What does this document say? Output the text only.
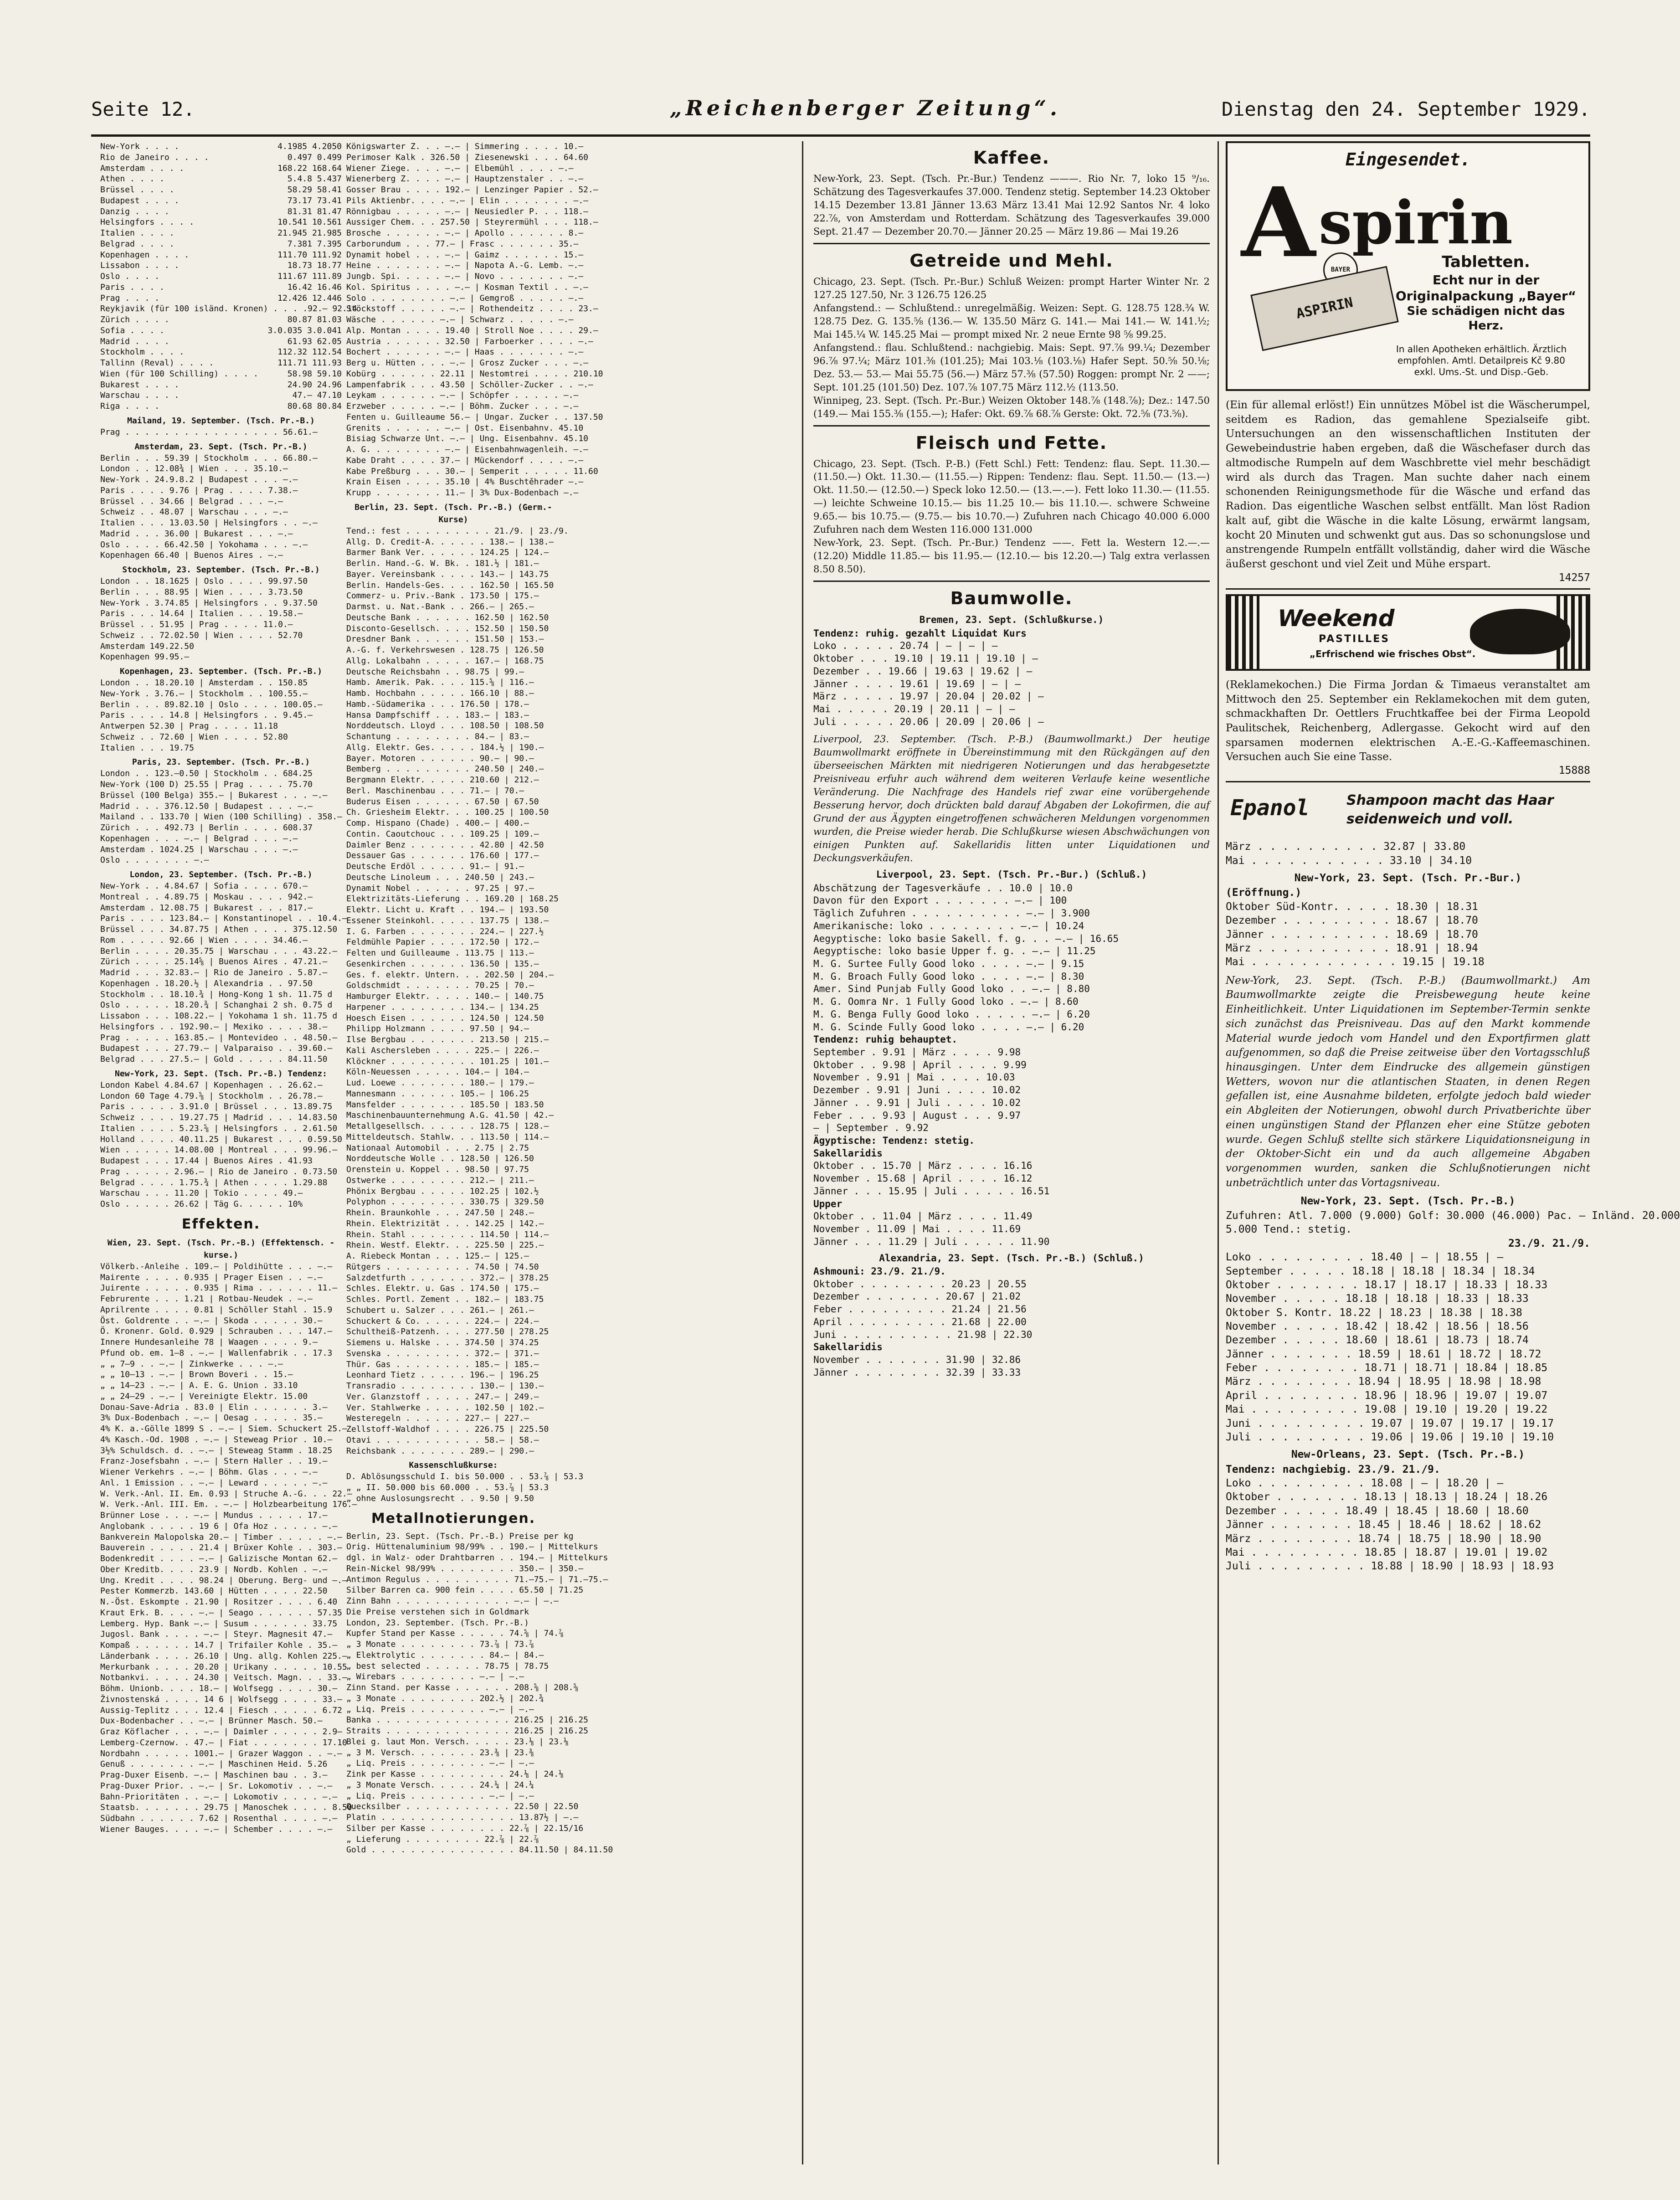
Seite 12.	„Reichenberger Zeitung“.	Dienstag den 24. September 1929.
New-York . . . .	4.1985 4.2050
Rio de Janeiro . . . .	0.497 0.499
Amsterdam . . . .	168.22 168.64
Athen . . . .	5.4.8 5.437
Brüssel . . . .	58.29 58.41
Budapest . . . .	73.17 73.41
Danzig . . . .	81.31 81.47
Helsingfors . . . .	10.541 10.561
Italien . . . .	21.945 21.985
Belgrad . . . .	7.381 7.395
Kopenhagen . . . .	111.70 111.92
Lissabon . . . .	18.73 18.77
Oslo . . . .	111.67 111.89
Paris . . . .	16.42 16.46
Prag . . . .	12.426 12.446
Reykjavik (für 100 isländ. Kronen) . . . . 92.— 92.14
Zürich . . . .	80.87 81.03
Sofia . . . .	3.0.035 3.0.041
Madrid . . . .	61.93 62.05
Stockholm . . . .	112.32 112.54
Tallinn (Reval) . . . .	111.71 111.93
Wien (für 100 Schilling) . . . .	58.98 59.10
Bukarest . . . .	24.90 24.96
Warschau . . . .	47.— 47.10
Riga . . . .	80.68 80.84
Mailand, 19. September. (Tsch. Pr.-B.)
Prag . . . . . . . . . . . . . . . . 56.61.—
Amsterdam, 23. Sept. (Tsch. Pr.-B.)
Berlin . . . 59.39 | Stockholm . . . 66.80.—
London . . 12.08¾ | Wien . . . 35.10.—
New-York . 24.9.8.2 | Budapest . . . —.—
Paris . . . . 9.76 | Prag . . . . 7.38.—
Brüssel . . 34.66 | Belgrad . . . —.—
Schweiz . . 48.07 | Warschau . . . —.—
Italien . . . 13.03.50 | Helsingfors . . —.—
Madrid . . . 36.00 | Bukarest . . . —.—
Oslo . . . . 66.42.50 | Yokohama . . . —.—
Kopenhagen 66.40 | Buenos Aires . —.—
Stockholm, 23. September. (Tsch. Pr.-B.)
London . . 18.1625 | Oslo . . . . 99.97.50
Berlin . . . 88.95 | Wien . . . . 3.73.50
New-York . 3.74.85 | Helsingfors . . 9.37.50
Paris . . . 14.64 | Italien . . . 19.58.—
Brüssel . . 51.95 | Prag . . . . 11.0.—
Schweiz . . 72.02.50 | Wien . . . . 52.70
Amsterdam 149.22.50
Kopenhagen 99.95.—
Kopenhagen, 23. September. (Tsch. Pr.-B.)
London . . 18.20.10 | Amsterdam . . 150.85
New-York . 3.76.— | Stockholm . . 100.55.—
Berlin . . . 89.82.10 | Oslo . . . . 100.05.—
Paris . . . . 14.8 | Helsingfors . . 9.45.—
Antwerpen 52.30 | Prag . . . . 11.18
Schweiz . . 72.60 | Wien . . . . 52.80
Italien . . . 19.75
Paris, 23. September. (Tsch. Pr.-B.)
London . . 123.—0.50 | Stockholm . . 684.25
New-York (100 D) 25.55 | Prag . . . . 75.70
Brüssel (100 Belga) 355.— | Bukarest . . . —.—
Madrid . . . 376.12.50 | Budapest . . . —.—
Mailand . . 133.70 | Wien (100 Schilling) . 358.—
Zürich . . . 492.73 | Berlin . . . . 608.37
Kopenhagen . . . —.— | Belgrad . . . —.—
Amsterdam . 1024.25 | Warschau . . . —.—
Oslo . . . . . . . —.—
London, 23. September. (Tsch. Pr.-B.)
New-York . . 4.84.67 | Sofia . . . . 670.—
Montreal . . 4.89.75 | Moskau . . . . 942.—
Amsterdam . 12.08.75 | Bukarest . . . 817.—
Paris . . . . 123.84.— | Konstantinopel . . 10.4.—
Brüssel . . . 34.87.75 | Athen . . . . 375.12.50
Rom . . . . . 92.66 | Wien . . . . 34.46.—
Berlin . . . . 20.35.75 | Warschau . . . 43.22.—
Zürich . . . . 25.14⅝ | Buenos Aires . 47.21.—
Madrid . . . 32.83.— | Rio de Janeiro . 5.87.—
Kopenhagen . 18.20.½ | Alexandria . . 97.50
Stockholm . . 18.10.¾ | Hong-Kong 1 sh. 11.75 d
Oslo . . . . . 18.20.¾ | Schanghai 2 sh. 0.75 d
Lissabon . . . 108.22.— | Yokohama 1 sh. 11.75 d
Helsingfors . . 192.90.— | Mexiko . . . . 38.—
Prag . . . . . 163.85.— | Montevideo . . 48.50.—
Budapest . . . 27.79.— | Valparaiso . . 39.60.—
Belgrad . . . 27.5.— | Gold . . . . . 84.11.50
New-York, 23. Sept. (Tsch. Pr.-B.) Tendenz:
London Kabel 4.84.67 | Kopenhagen . . 26.62.—
London 60 Tage 4.79.⅝ | Stockholm . . 26.78.—
Paris . . . . . 3.91.0 | Brüssel . . . 13.89.75
Schweiz . . . . 19.27.75 | Madrid . . . 14.83.50
Italien . . . . 5.23.⅝ | Helsingfors . . 2.61.50
Holland . . . . 40.11.25 | Bukarest . . . 0.59.50
Wien . . . . . 14.08.00 | Montreal . . . 99.96.—
Budapest . . . 17.44 | Buenos Aires . 41.93
Prag . . . . . 2.96.— | Rio de Janeiro . 0.73.50
Belgrad . . . . 1.75.¾ | Athen . . . . 1.29.88
Warschau . . . 11.20 | Tokio . . . . 49.—
Oslo . . . . . 26.62 | Täg G. . . . . 10%
Effekten.
Wien, 23. Sept. (Tsch. Pr.-B.) (Effektensch. - kurse.)
Völkerb.-Anleihe . 109.— | Poldihütte . . . —.—
Mairente . . . . 0.935 | Prager Eisen . . —.—
Juirente . . . . . 0.935 | Rima . . . . . . 11.—
Februrente . . . 1.21 | Rotbau-Neudek . —.—
Aprilrente . . . . 0.81 | Schöller Stahl . 15.9
Öst. Goldrente . . —.— | Skoda . . . . . 30.—
Ö. Kronenr. Gold. 0.929 | Schrauben . . . 147.—
Innere Hundesanleihe 78 | Waagen . . . . 9.—
Pfund ob. em. 1—8 . —.— | Wallenfabrik . . 17.3
„ „ 7—9 . . —.— | Zinkwerke . . . —.—
„ „ 10—13 . —.— | Brown Boveri . . 15.—
„ „ 14—23 . —.— | A. E. G. Union . 33.10
„ „ 24—29 . —.— | Vereinigte Elektr. 15.00
Donau-Save-Adria . 83.0 | Elin . . . . . . 3.—
3% Dux-Bodenbach . —.— | Oesag . . . . . 35.—
4% K. a.-Gölle 1899 S . —.— | Siem. Schuckert 25.—
4% Kasch.-Od. 1908 . —.— | Steweag Prior . 10.—
3½% Schuldsch. d. . —.— | Steweag Stamm . 18.25
Franz-Josefsbahn . —.— | Stern Haller . . 19.—
Wiener Verkehrs . —.— | Böhm. Glas . . . —.—
Anl. 1 Emission . . —.— | Leward . . . . . —.—
W. Verk.-Anl. II. Em. 0.93 | Struche A.-G. . . 22.—
W. Verk.-Anl. III. Em. . —.— | Holzbearbeitung 176.—
Brünner Lose . . . —.— | Mundus . . . . . 17.—
Anglobank . . . . . 19 6 | Ofa Hoz . . . . . —.—
Bankverein Malopolska 20.— | Timber . . . . . —.—
Bauverein . . . . . 21.4 | Brüxer Kohle . . 303.—
Bodenkredit . . . . —.— | Galizische Montan 62.—
Ober Kreditb. . . . 23.9 | Nordb. Kohlen . —.—
Ung. Kredit . . . . 98.24 | Oberung. Berg- und —.—
Pester Kommerzb. 143.60 | Hütten . . . . 22.50
N.-Öst. Eskompte . 21.90 | Rositzer . . . . 6.40
Kraut Erk. B. . . . —.— | Seago . . . . . . 57.35
Lemberg. Hyp. Bank —.— | Susum . . . . . . 33.75
Jugosl. Bank . . . . —.— | Steyr. Magnesit 47.—
Kompaß . . . . . . 14.7 | Trifailer Kohle . 35.—
Länderbank . . . . 26.10 | Ung. allg. Kohlen 225.—
Merkurbank . . . . 20.20 | Urikany . . . . . 10.55
Notbankvi. . . . . 24.30 | Veitsch. Magn. . . 33.—
Böhm. Unionb. . . . 18.— | Wolfsegg . . . . 30.—
Živnostenská . . . . 14 6 | Wolfsegg . . . . 33.—
Aussig-Teplitz . . . 12.4 | Fiesch . . . . . 6.72
Dux-Bodenbacher . . —.— | Brünner Masch. 50.—
Graz Köflacher . . . —.— | Daimler . . . . . 2.9—
Lemberg-Czernow. . 47.— | Fiat . . . . . . . 17.10
Nordbahn . . . . . 1001.— | Grazer Waggon . . —.—
Genuß . . . . . . . —.— | Maschinen Heid. 5.26
Prag-Duxer Eisenb. —.— | Maschinen bau . . 3.—
Prag-Duxer Prior. . —.— | Sr. Lokomotiv . . —.—
Bahn-Prioritäten . . —.— | Lokomotiv . . . . —.—
Staatsb. . . . . . . 29.75 | Manoschek . . . . 8.50
Südbahn . . . . . . 7.62 | Rosenthal . . . . —.—
Wiener Bauges. . . . —.— | Schember . . . . —.—
Königswarter Z. . . —.— | Simmering . . . . 10.—
Perimoser Kalk . 326.50 | Ziesenewski . . . 64.60
Wiener Ziege. . . . —.— | Elbemühl . . . . —.—
Wienerberg Z. . . . —.— | Hauptzenstaler . . —.—
Gosser Brau . . . . 192.— | Lenzinger Papier . 52.—
Pils Aktienbr. . . . —.— | Elin . . . . . . . —.—
Rönnigbau . . . . . —.— | Neusiedler P. . . 118.—
Aussiger Chem. . . 257.50 | Steyrermühl . . . 118.—
Brosche . . . . . . —.— | Apollo . . . . . . 8.—
Carborundum . . . 77.— | Frasc . . . . . . 35.—
Dynamit hobel . . . —.— | Gaimz . . . . . . 15.—
Heine . . . . . . . —.— | Napota A.-G. Lemb. —.—
Jungb. Spi. . . . . —.— | Novo . . . . . . . —.—
Kol. Spiritus . . . . —.— | Kosman Textil . . —.—
Solo . . . . . . . . —.— | Gemgroß . . . . . —.—
Stöckstoff . . . . . —.— | Rothendeitz . . . . 23.—
Wäsche . . . . . . —.— | Schwarz . . . . . —.—
Alp. Montan . . . . 19.40 | Stroll Noe . . . . 29.—
Austria . . . . . . 32.50 | Farboerker . . . . —.—
Bochert . . . . . . —.— | Haas . . . . . . . —.—
Berg u. Hütten . . . —.— | Grosz Zucker . . . —.—
Kobürg . . . . . . 22.11 | Nestomtrei . . . . 210.10
Lampenfabrik . . . 43.50 | Schöller-Zucker . . —.—
Leykam . . . . . . —.— | Schöpfer . . . . . —.—
Erzweber . . . . . —.— | Böhm. Zucker . . . —.—
Fenten u. Guilleaume 56.— | Ungar. Zucker . . 137.50
Grenits . . . . . . —.— | Ost. Eisenbahnv. 45.10
Bisiag Schwarze Unt. —.— | Ung. Eisenbahnv. 45.10
A. G. . . . . . . . —.— | Eisenbahnwagenleih. —.—
Kabe Draht . . . . 37.— | Mückendorf . . . . —.—
Kabe Preßburg . . . 30.— | Semperit . . . . . 11.60
Krain Eisen . . . . 35.10 | 4% Buschtěhrader —.—
Krupp . . . . . . . 11.— | 3% Dux-Bodenbach —.—
Berlin, 23. Sept. (Tsch. Pr.-B.) (Germ.-Kurse)
Tend.: fest . . . . . . . . . 21./9. | 23./9.
Allg. D. Credit-A. . . . . . 138.— | 138.—
Barmer Bank Ver. . . . . . 124.25 | 124.—
Berlin. Hand.-G. W. Bk. . 181.½ | 181.—
Bayer. Vereinsbank . . . . 143.— | 143.75
Berlin. Handels-Ges. . . . 162.50 | 165.50
Commerz- u. Priv.-Bank . 173.50 | 175.—
Darmst. u. Nat.-Bank . . 266.— | 265.—
Deutsche Bank . . . . . . 162.50 | 162.50
Disconto-Gesellsch. . . . 152.50 | 150.50
Dresdner Bank . . . . . . 151.50 | 153.—
A.-G. f. Verkehrswesen . 128.75 | 126.50
Allg. Lokalbahn . . . . . 167.— | 168.75
Deutsche Reichsbahn . . 98.75 | 99.—
Hamb. Amerik. Pak. . . . 115.⅝ | 116.—
Hamb. Hochbahn . . . . . 166.10 | 88.—
Hamb.-Südamerika . . . 176.50 | 178.—
Hansa Dampfschiff . . . 183.— | 183.—
Norddeutsch. Lloyd . . . 108.50 | 108.50
Schantung . . . . . . . . 84.— | 83.—
Allg. Elektr. Ges. . . . . 184.½ | 190.—
Bayer. Motoren . . . . . . 90.— | 90.—
Bemberg . . . . . . . . . 240.50 | 240.—
Bergmann Elektr. . . . . 210.60 | 212.—
Berl. Maschinenbau . . . 71.— | 70.—
Buderus Eisen . . . . . . 67.50 | 67.50
Ch. Griesheim Elektr. . . 100.25 | 100.50
Comp. Hispano (Chade) . 400.— | 400.—
Contin. Caoutchouc . . . 109.25 | 109.—
Daimler Benz . . . . . . . 42.80 | 42.50
Dessauer Gas . . . . . . 176.60 | 177.—
Deutsche Erdöl . . . . . 91.— | 91.—
Deutsche Linoleum . . . 240.50 | 243.—
Dynamit Nobel . . . . . . 97.25 | 97.—
Elektrizitäts-Lieferung . . 169.20 | 168.25
Elektr. Licht u. Kraft . . 194.— | 193.50
Essener Steinkohl. . . . . 137.75 | 138.—
I. G. Farben . . . . . . . 224.— | 227.½
Feldmühle Papier . . . . 172.50 | 172.—
Felten und Guilleaume . 113.75 | 113.—
Gesenkirchen . . . . . . 136.50 | 135.—
Ges. f. elektr. Untern. . . 202.50 | 204.—
Goldschmidt . . . . . . . 70.25 | 70.—
Hamburger Elektr. . . . . 140.— | 140.75
Harpener . . . . . . . . 134.— | 134.25
Hoesch Eisen . . . . . . 124.50 | 124.50
Philipp Holzmann . . . . 97.50 | 94.—
Ilse Bergbau . . . . . . . 213.50 | 215.—
Kali Aschersleben . . . . 225.— | 226.—
Klöckner . . . . . . . . . 101.25 | 101.—
Köln-Neuessen . . . . . 104.— | 104.—
Lud. Loewe . . . . . . . 180.— | 179.—
Mannesmann . . . . . . 105.— | 106.25
Mansfelder . . . . . . . 185.50 | 183.50
Maschinenbauunternehmung A.G. 41.50 | 42.—
Metallgesellsch. . . . . . 128.75 | 128.—
Mitteldeutsch. Stahlw. . . 113.50 | 114.—
Nationaal Automobil . . . 2.75 | 2.75
Norddeutsche Wolle . . 128.50 | 126.50
Orenstein u. Koppel . . 98.50 | 97.75
Ostwerke . . . . . . . . 212.— | 211.—
Phönix Bergbau . . . . . 102.25 | 102.½
Polyphon . . . . . . . . 330.75 | 329.50
Rhein. Braunkohle . . . 247.50 | 248.—
Rhein. Elektrizität . . . 142.25 | 142.—
Rhein. Stahl . . . . . . . 114.50 | 114.—
Rhein. Westf. Elektr. . . 225.50 | 225.—
A. Riebeck Montan . . . 125.— | 125.—
Rütgers . . . . . . . . . 74.50 | 74.50
Salzdetfurth . . . . . . . 372.— | 378.25
Schles. Elektr. u. Gas . 174.50 | 175.—
Schles. Portl. Zement . . 182.— | 183.75
Schubert u. Salzer . . . 261.— | 261.—
Schuckert & Co. . . . . . 224.— | 224.—
Schultheiß-Patzenh. . . . 277.50 | 278.25
Siemens u. Halske . . . 374.50 | 374.25
Svenska . . . . . . . . . 372.— | 371.—
Thür. Gas . . . . . . . . 185.— | 185.—
Leonhard Tietz . . . . . 196.— | 196.25
Transradio . . . . . . . . 130.— | 130.—
Ver. Glanzstoff . . . . . 247.— | 249.—
Ver. Stahlwerke . . . . . 102.50 | 102.—
Westeregeln . . . . . . 227.— | 227.—
Zellstoff-Waldhof . . . . 226.75 | 225.50
Otavi . . . . . . . . . . . 58.— | 58.—
Reichsbank . . . . . . . 289.— | 290.—
Kassenschlußkurse:
D. Ablösungsschuld I. bis 50.000 . . 53.⅞ | 53.3
„ „ II. 50.000 bis 60.000 . . 53.⅞ | 53.3
„ ohne Auslosungsrecht . . 9.50 | 9.50
Metallnotierungen.
Berlin, 23. Sept. (Tsch. Pr.-B.) Preise per kg
Orig. Hüttenaluminium 98/99% . . 190.— | Mittelkurs
dgl. in Walz- oder Drahtbarren . . 194.— | Mittelkurs
Rein-Nickel 98/99% . . . . . . . . 350.— | 350.—
Antimon Regulus . . . . . . . . . 71.—75.— | 71.—75.—
Silber Barren ca. 900 fein . . . . 65.50 | 71.25
Zinn Bahn . . . . . . . . . . . . —.— | —.—
Die Preise verstehen sich in Goldmark
London, 23. September. (Tsch. Pr.-B.)
Kupfer Stand per Kasse . . . . . 74.⅝ | 74.⅞
„ 3 Monate . . . . . . . . 73.⅞ | 73.⅞
„ Elektrolytic . . . . . . . 84.— | 84.—
„ best selected . . . . . . 78.75 | 78.75
„ Wirebars . . . . . . . . —.— | —.—
Zinn Stand. per Kasse . . . . . . 208.⅝ | 208.⅝
„ 3 Monate . . . . . . . . 202.½ | 202.¾
„ Liq. Preis . . . . . . . . —.— | —.—
Banka . . . . . . . . . . . . . . 216.25 | 216.25
Straits . . . . . . . . . . . . . 216.25 | 216.25
Blei g. laut Mon. Versch. . . . . 23.⅛ | 23.⅛
„ 3 M. Versch. . . . . . . 23.⅜ | 23.⅜
„ Liq. Preis . . . . . . . . —.— | —.—
Zink per Kasse . . . . . . . . . 24.⅛ | 24.⅛
„ 3 Monate Versch. . . . . 24.¼ | 24.¼
„ Liq. Preis . . . . . . . . —.— | —.—
Quecksilber . . . . . . . . . . . 22.50 | 22.50
Platin . . . . . . . . . . . . . . 13.87½ | —.—
Silber per Kasse . . . . . . . . 22.⅞ | 22.15/16
„ Lieferung . . . . . . . . 22.⅞ | 22.⅞
Gold . . . . . . . . . . . . . . . 84.11.50 | 84.11.50
Kaffee.
New-York, 23. Sept. (Tsch. Pr.-Bur.) Tendenz ———. Rio Nr. 7, loko 15 ⁹/₁₆. Schätzung des Tagesverkaufes 37.000. Tendenz stetig. September 14.23 Oktober 14.15 Dezember 13.81 Jänner 13.63 März 13.41 Mai 12.92 Santos Nr. 4 loko 22.⅞, von Amsterdam und Rotterdam. Schätzung des Tagesverkaufes 39.000 Sept. 21.47 — Dezember 20.70.— Jänner 20.25 — März 19.86 — Mai 19.26
Getreide und Mehl.
Chicago, 23. Sept. (Tsch. Pr.-Bur.) Schluß Weizen: prompt Harter Winter Nr. 2 127.25 127.50, Nr. 3 126.75 126.25
Anfangstend.: — Schlußtend.: unregelmäßig. Weizen: Sept. G. 128.75 128.¾ W. 128.75 Dez. G. 135.⅝ (136.— W. 135.50 März G. 141.— Mai 141.— W. 141.½; Mai 145.¼ W. 145.25 Mai — prompt mixed Nr. 2 neue Ernte 98 ⅝ 99.25.
Anfangstend.: flau. Schlußtend.: nachgiebig. Mais: Sept. 97.⅞ 99.¼; Dezember 96.⅞ 97.¼; März 101.⅜ (101.25); Mai 103.⅛ (103.⅛) Hafer Sept. 50.⅝ 50.⅛; Dez. 53.— 53.— Mai 55.75 (56.—) März 57.⅜ (57.50) Roggen: prompt Nr. 2 ——; Sept. 101.25 (101.50) Dez. 107.⅞ 107.75 März 112.½ (113.50.
Winnipeg, 23. Sept. (Tsch. Pr.-Bur.) Weizen Oktober 148.⅞ (148.⅞); Dez.: 147.50 (149.— Mai 155.⅜ (155.—); Hafer: Okt. 69.⅞ 68.⅞ Gerste: Okt. 72.⅝ (73.⅝).
Fleisch und Fette.
Chicago, 23. Sept. (Tsch. P.-B.) (Fett Schl.) Fett: Tendenz: flau. Sept. 11.30.— (11.50.—) Okt. 11.30.— (11.55.—) Rippen: Tendenz: flau. Sept. 11.50.— (13.—) Okt. 11.50.— (12.50.—) Speck loko 12.50.— (13.—.—). Fett loko 11.30.— (11.55.—) leichte Schweine 10.15.— bis 11.25 10.— bis 11.10.—. schwere Schweine 9.65.— bis 10.75.— (9.75.— bis 10.70.—) Zufuhren nach Chicago 40.000 6.000 Zufuhren nach dem Westen 116.000 131.000
New-York, 23. Sept. (Tsch. Pr.-Bur.) Tendenz ——. Fett la. Western 12.—.— (12.20) Middle 11.85.— bis 11.95.— (12.10.— bis 12.20.—) Talg extra verlassen 8.50 8.50).
Baumwolle.
Bremen, 23. Sept. (Schlußkurse.)
Tendenz: ruhig. gezahlt Liquidat Kurs
Loko . . . . . 20.74 | — | — | —
Oktober . . . 19.10 | 19.11 | 19.10 | —
Dezember . . 19.66 | 19.63 | 19.62 | —
Jänner . . . . 19.61 | 19.69 | — | —
März . . . . . 19.97 | 20.04 | 20.02 | —
Mai . . . . . 20.19 | 20.11 | — | —
Juli . . . . . 20.06 | 20.09 | 20.06 | —
Liverpool, 23. September. (Tsch. P.-B.) (Baumwollmarkt.) Der heutige Baumwollmarkt eröffnete in Übereinstimmung mit den Rückgängen auf den überseeischen Märkten mit niedrigeren Notierungen und das herabgesetzte Preisniveau erfuhr auch während dem weiteren Verlaufe keine wesentliche Veränderung. Die Nachfrage des Handels rief zwar eine vorübergehende Besserung hervor, doch drückten bald darauf Abgaben der Lokofirmen, die auf Grund der aus Ägypten eingetroffenen schwächeren Meldungen vorgenommen wurden, die Preise wieder herab. Die Schlußkurse wiesen Abschwächungen von einigen Punkten auf. Sakellaridis litten unter Liquidationen und Deckungsverkäufen.
Liverpool, 23. Sept. (Tsch. Pr.-Bur.) (Schluß.)
Abschätzung der Tagesverkäufe . . 10.0 | 10.0
Davon für den Export . . . . . . . —.— | 100
Täglich Zufuhren . . . . . . . . . . —.— | 3.900
Amerikanische: loko . . . . . . . . —.— | 10.24
Aegyptische: loko basie Sakell. f. g. . . —.— | 16.65
Aegyptische: loko basie Upper f. g. . —.— | 11.25
M. G. Surtee Fully Good loko . . . . —.— | 9.15
M. G. Broach Fully Good loko . . . . —.— | 8.30
Amer. Sind Punjab Fully Good loko . . —.— | 8.80
M. G. Oomra Nr. 1 Fully Good loko . —.— | 8.60
M. G. Benga Fully Good loko . . . . . —.— | 6.20
M. G. Scinde Fully Good loko . . . . —.— | 6.20
Tendenz: ruhig behauptet.
September . 9.91 | März . . . . 9.98
Oktober . . 9.98 | April . . . . 9.99
November . 9.91 | Mai . . . . 10.03
Dezember . 9.91 | Juni . . . . 10.02
Jänner . . 9.91 | Juli . . . . 10.02
Feber . . . 9.93 | August . . . 9.97
— | September . 9.92
Ägyptische: Tendenz: stetig.
Sakellaridis
Oktober . . 15.70 | März . . . . 16.16
November . 15.68 | April . . . . 16.12
Jänner . . . 15.95 | Juli . . . . . 16.51
Upper
Oktober . . 11.04 | März . . . . 11.49
November . 11.09 | Mai . . . . 11.69
Jänner . . . 11.29 | Juli . . . . . 11.90
Alexandria, 23. Sept. (Tsch. Pr.-B.) (Schluß.)
Ashmouni: 23./9. 21./9.
Oktober . . . . . . . . 20.23 | 20.55
Dezember . . . . . . . 20.67 | 21.02
Feber . . . . . . . . . 21.24 | 21.56
April . . . . . . . . . 21.68 | 22.00
Juni . . . . . . . . . . 21.98 | 22.30
Sakellaridis
November . . . . . . . 31.90 | 32.86
Jänner . . . . . . . . 32.39 | 33.33
Eingesendet.
A spirin
BAYER
ASPIRIN
Tabletten.
Echt nur in der Originalpackung „Bayer“
Sie schädigen nicht das Herz.
In allen Apotheken erhältlich. Ärztlich empfohlen. Amtl. Detailpreis Kč 9.80 exkl. Ums.-St. und Disp.-Geb.
(Ein für allemal erlöst!) Ein unnützes Möbel ist die Wäscherumpel, seitdem es Radion, das gemahlene Spezialseife gibt. Untersuchungen an den wissenschaftlichen Instituten der Gewebeindustrie haben ergeben, daß die Wäschefaser durch das altmodische Rumpeln auf dem Waschbrette viel mehr beschädigt wird als durch das Tragen. Man suchte daher nach einem schonenden Reinigungsmethode für die Wäsche und erfand das Radion. Das eigentliche Waschen selbst entfällt. Man löst Radion kalt auf, gibt die Wäsche in die kalte Lösung, erwärmt langsam, kocht 20 Minuten und schwenkt gut aus. Das so schonungslose und anstrengende Rumpeln entfällt vollständig, daher wird die Wäsche äußerst geschont und viel Zeit und Mühe erspart.
14257
Weekend
PASTILLES
„Erfrischend wie frisches Obst“.
(Reklamekochen.) Die Firma Jordan & Timaeus veranstaltet am Mittwoch den 25. September ein Reklamekochen mit dem guten, schmackhaften Dr. Oettlers Fruchtkaffee bei der Firma Leopold Paulitschek, Reichenberg, Adlergasse. Gekocht wird auf den sparsamen modernen elektrischen A.-E.-G.-Kaffeemaschinen. Versuchen auch Sie eine Tasse.
15888
Epanol	Shampoon macht das Haar seidenweich und voll.
März . . . . . . . . . . 32.87 | 33.80
Mai . . . . . . . . . . . 33.10 | 34.10
New-York, 23. Sept. (Tsch. Pr.-Bur.)
(Eröffnung.)
Oktober Süd-Kontr. . . . . 18.30 | 18.31
Dezember . . . . . . . . . 18.67 | 18.70
Jänner . . . . . . . . . . 18.69 | 18.70
März . . . . . . . . . . . 18.91 | 18.94
Mai . . . . . . . . . . . . 19.15 | 19.18
New-York, 23. Sept. (Tsch. P.-B.) (Baumwollmarkt.) Am Baumwollmarkte zeigte die Preisbewegung heute keine Einheitlichkeit. Unter Liquidationen im September-Termin senkte sich zunächst das Preisniveau. Das auf den Markt kommende Material wurde jedoch vom Handel und den Exportfirmen glatt aufgenommen, so daß die Preise zeitweise über den Vortagsschluß hinausgingen. Unter dem Eindrucke des allgemein günstigen Wetters, wovon nur die atlantischen Staaten, in denen Regen gefallen ist, eine Ausnahme bildeten, erfolgte jedoch bald wieder ein Abgleiten der Notierungen, obwohl durch Privatberichte über einen ungünstigen Stand der Pflanzen eher eine Stütze geboten wurde. Gegen Schluß stellte sich stärkere Liquidationsneigung in der Oktober-Sicht ein und da auch allgemeine Abgaben vorgenommen wurden, sanken die Schlußnotierungen nicht unbeträchtlich unter das Vortagsniveau.
New-York, 23. Sept. (Tsch. Pr.-B.)
Zufuhren: Atl. 7.000 (9.000) Golf: 30.000 (46.000) Pac. — Inländ. 20.000
5.000 Tend.: stetig.
23./9. 21./9.
Loko . . . . . . . . . 18.40 | — | 18.55 | —
September . . . . . 18.18 | 18.18 | 18.34 | 18.34
Oktober . . . . . . . 18.17 | 18.17 | 18.33 | 18.33
November . . . . . 18.18 | 18.18 | 18.33 | 18.33
Oktober S. Kontr. 18.22 | 18.23 | 18.38 | 18.38
November . . . . . 18.42 | 18.42 | 18.56 | 18.56
Dezember . . . . . 18.60 | 18.61 | 18.73 | 18.74
Jänner . . . . . . . 18.59 | 18.61 | 18.72 | 18.72
Feber . . . . . . . . 18.71 | 18.71 | 18.84 | 18.85
März . . . . . . . . 18.94 | 18.95 | 18.98 | 18.98
April . . . . . . . . 18.96 | 18.96 | 19.07 | 19.07
Mai . . . . . . . . . 19.08 | 19.10 | 19.20 | 19.22
Juni . . . . . . . . . 19.07 | 19.07 | 19.17 | 19.17
Juli . . . . . . . . . 19.06 | 19.06 | 19.10 | 19.10
New-Orleans, 23. Sept. (Tsch. Pr.-B.)
Tendenz: nachgiebig. 23./9. 21./9.
Loko . . . . . . . . . 18.08 | — | 18.20 | —
Oktober . . . . . . . 18.13 | 18.13 | 18.24 | 18.26
Dezember . . . . . 18.49 | 18.45 | 18.60 | 18.60
Jänner . . . . . . . 18.45 | 18.46 | 18.62 | 18.62
März . . . . . . . . 18.74 | 18.75 | 18.90 | 18.90
Mai . . . . . . . . . 18.85 | 18.87 | 19.01 | 19.02
Juli . . . . . . . . . 18.88 | 18.90 | 18.93 | 18.93
